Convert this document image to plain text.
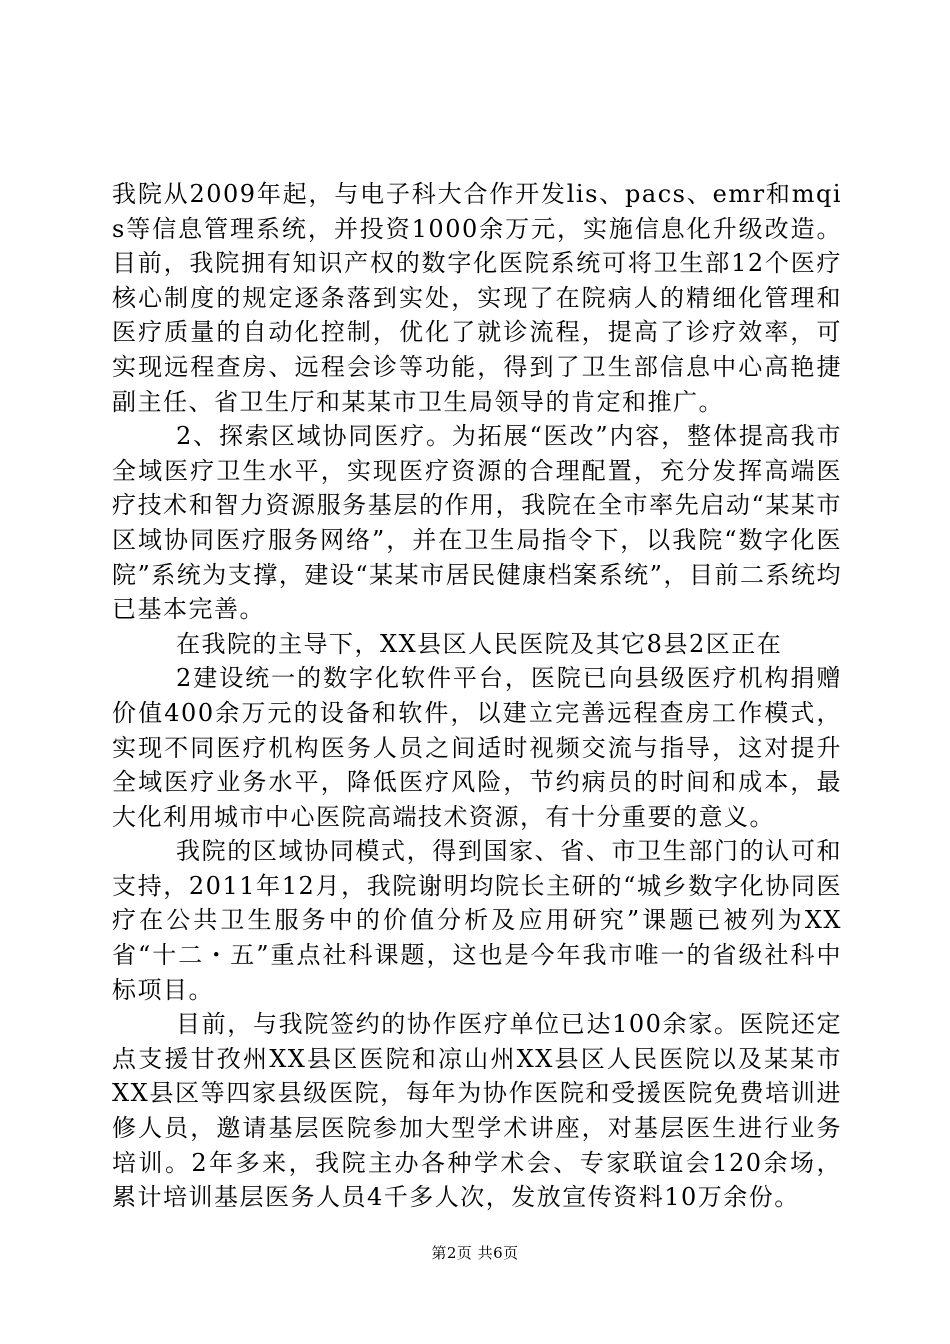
我院从2009年起，与电子科大合作开发lis、pacs、emr和mqis等信息管理系统，并投资1000余万元，实施信息化升级改造。目前，我院拥有知识产权的数字化医院系统可将卫生部12个医疗核心制度的规定逐条落到实处，实现了在院病人的精细化管理和医疗质量的自动化控制，优化了就诊流程，提高了诊疗效率，可实现远程查房、远程会诊等功能，得到了卫生部信息中心高艳捷副主任、省卫生厅和某某市卫生局领导的肯定和推广。

2、探索区域协同医疗。为拓展“医改”内容，整体提高我市全域医疗卫生水平，实现医疗资源的合理配置，充分发挥高端医疗技术和智力资源服务基层的作用，我院在全市率先启动“某某市区域协同医疗服务网络”，并在卫生局指令下，以我院“数字化医院”系统为支撑，建设“某某市居民健康档案系统”，目前二系统均已基本完善。

在我院的主导下，XX县区人民医院及其它8县2区正在

2建设统一的数字化软件平台，医院已向县级医疗机构捐赠价值400余万元的设备和软件，以建立完善远程查房工作模式，实现不同医疗机构医务人员之间适时视频交流与指导，这对提升全域医疗业务水平，降低医疗风险，节约病员的时间和成本，最大化利用城市中心医院高端技术资源，有十分重要的意义。

我院的区域协同模式，得到国家、省、市卫生部门的认可和支持，2011年12月，我院谢明均院长主研的“城乡数字化协同医疗在公共卫生服务中的价值分析及应用研究”课题已被列为XX省“十二・五”重点社科课题，这也是今年我市唯一的省级社科中标项目。

目前，与我院签约的协作医疗单位已达100余家。医院还定点支援甘孜州XX县区医院和凉山州XX县区人民医院以及某某市XX县区等四家县级医院，每年为协作医院和受援医院免费培训进修人员，邀请基层医院参加大型学术讲座，对基层医生进行业务培训。2年多来，我院主办各种学术会、专家联谊会120余场，累计培训基层医务人员4千多人次，发放宣传资料10万余份。

第2页 共6页
